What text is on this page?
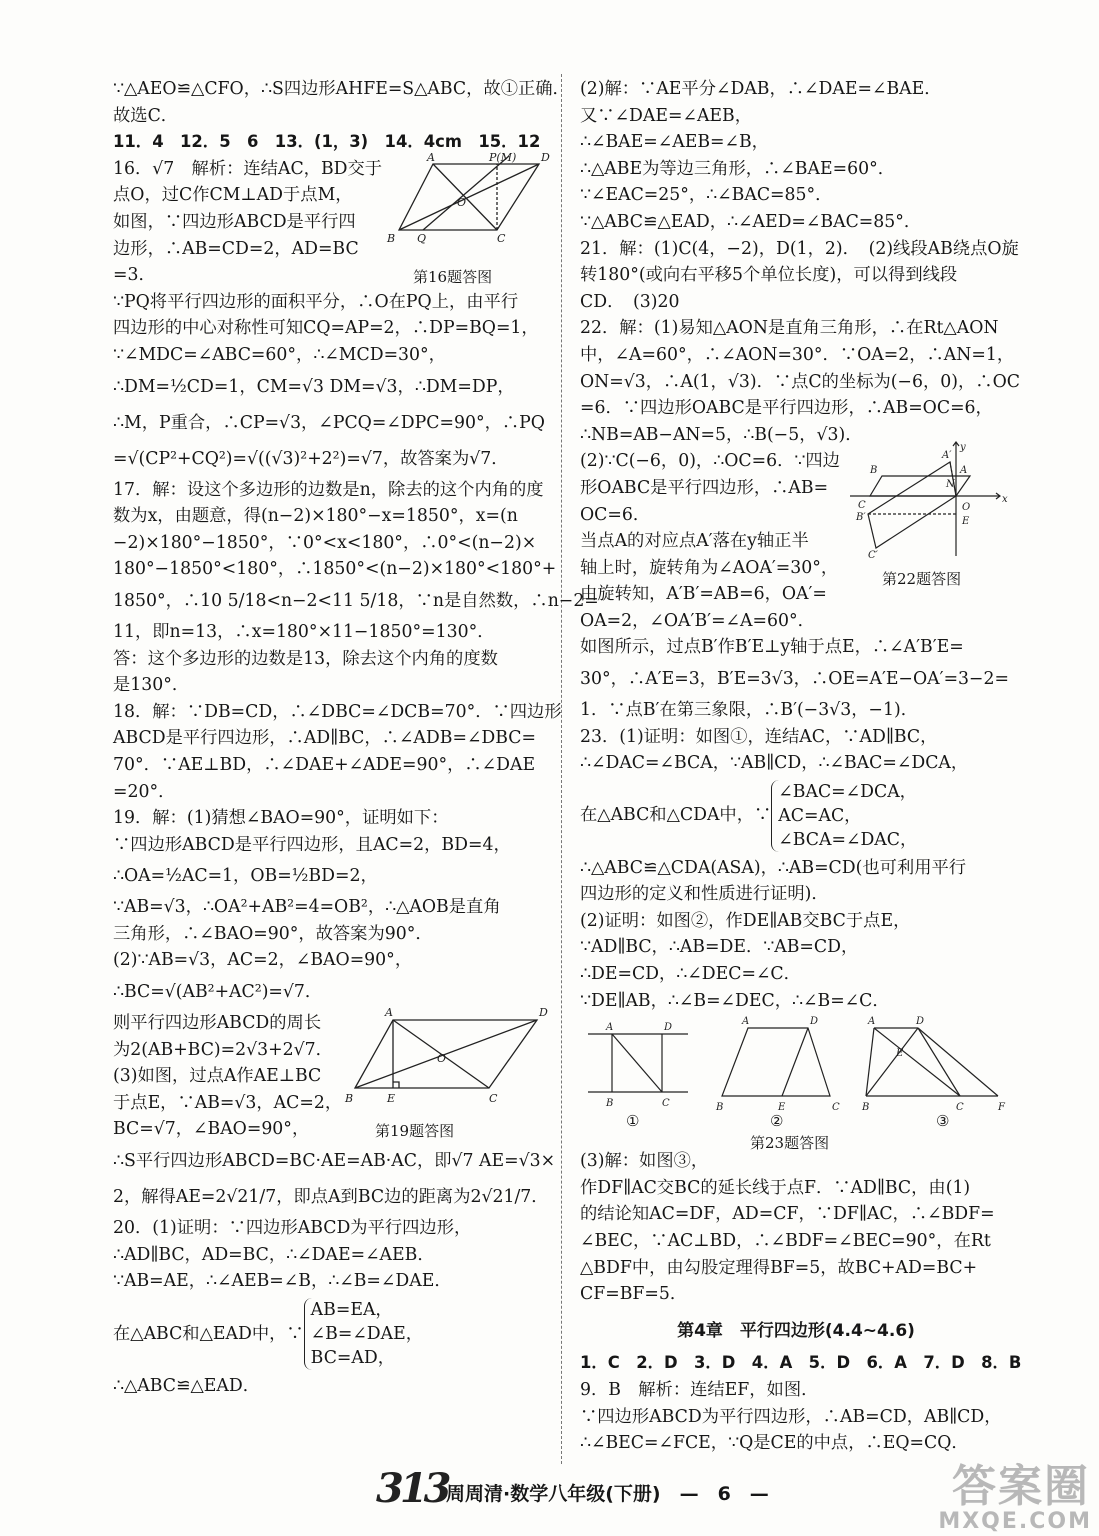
∵△AEO≌△CFO，∴S四边形AHFE=S△ABC，故①正确．
故选C．
11．4　12．5　6　13．(1，3)　14．4cm　15．12
16．√7　解析：连结AC，BD交于
点O，过C作CM⊥AD于点M，
如图，∵四边形ABCD是平行四
边形，∴AB=CD=2，AD=BC
=3．
A	P(M) D
B Q	C
O
第16题答图
∵PQ将平行四边形的面积平分，∴O在PQ上，由平行
四边形的中心对称性可知CQ=AP=2，∴DP=BQ=1，
∵∠MDC=∠ABC=60°，∴∠MCD=30°，
∴DM=½CD=1，CM=√3 DM=√3，∴DM=DP，
∴M，P重合，∴CP=√3，∠PCQ=∠DPC=90°，∴PQ
=√(CP²+CQ²)=√((√3)²+2²)=√7，故答案为√7．
17．解：设这个多边形的边数是n，除去的这个内角的度
数为x，由题意，得(n−2)×180°−x=1850°，x=(n
−2)×180°−1850°，∵0°<x<180°，∴0°<(n−2)×
180°−1850°<180°，∴1850°<(n−2)×180°<180°+
1850°，∴10 5/18<n−2<11 5/18，∵n是自然数，∴n−2=
11，即n=13，∴x=180°×11−1850°=130°．
答：这个多边形的边数是13，除去这个内角的度数
是130°．
18．解：∵DB=CD，∴∠DBC=∠DCB=70°．∵四边形
ABCD是平行四边形，∴AD∥BC，∴∠ADB=∠DBC=
70°．∵AE⊥BD，∴∠DAE+∠ADE=90°，∴∠DAE
=20°．
19．解：(1)猜想∠BAO=90°，证明如下：
∵四边形ABCD是平行四边形，且AC=2，BD=4，
∴OA=½AC=1，OB=½BD=2，
∵AB=√3，∴OA²+AB²=4=OB²，∴△AOB是直角
三角形，∴∠BAO=90°，故答案为90°．
(2)∵AB=√3，AC=2，∠BAO=90°，
∴BC=√(AB²+AC²)=√7．
则平行四边形ABCD的周长
为2(AB+BC)=2√3+2√7．
(3)如图，过点A作AE⊥BC
于点E，∵AB=√3，AC=2，
BC=√7，∠BAO=90°，
A	D
B	E	C
O
第19题答图
∴S平行四边形ABCD=BC·AE=AB·AC，即√7 AE=√3×
2，解得AE=2√21/7，即点A到BC边的距离为2√21/7．
20．(1)证明：∵四边形ABCD为平行四边形，
∴AD∥BC，AD=BC，∴∠DAE=∠AEB．
∵AB=AE，∴∠AEB=∠B，∴∠B=∠DAE．
在△ABC和△EAD中，∵
AB=EA，
∠B=∠DAE，
BC=AD，
∴△ABC≌△EAD．
(2)解：∵AE平分∠DAB，∴∠DAE=∠BAE．
又∵∠DAE=∠AEB，
∴∠BAE=∠AEB=∠B，
∴△ABE为等边三角形，∴∠BAE=60°．
∵∠EAC=25°，∴∠BAC=85°．
∵△ABC≌△EAD，∴∠AED=∠BAC=85°．
21．解：(1)C(4，−2)，D(1，2)．　(2)线段AB绕点O旋
转180°(或向右平移5个单位长度)，可以得到线段
CD．　(3)20
22．解：(1)易知△AON是直角三角形，∴在Rt△AON
中，∠A=60°，∴∠AON=30°．∵OA=2，∴AN=1，
ON=√3，∴A(1，√3)．∵点C的坐标为(−6，0)，∴OC
=6．∵四边形OABC是平行四边形，∴AB=OC=6，
∴NB=AB−AN=5，∴B(−5，√3)．
(2)∵C(−6，0)，∴OC=6．∵四边
形OABC是平行四边形，∴AB=
OC=6．
当点A的对应点A′落在y轴正半
轴上时，旋转角为∠AOA′=30°，
由旋转知，A′B′=AB=6，OA′=
OA=2，∠OA′B′=∠A=60°．
B
A′
A
N
O
E
x
y
C
B′
C′
第22题答图
如图所示，过点B′作B′E⊥y轴于点E，∴∠A′B′E=
30°，∴A′E=3，B′E=3√3，∴OE=A′E−OA′=3−2=
1．∵点B′在第三象限，∴B′(−3√3，−1)．
23．(1)证明：如图①，连结AC，∵AD∥BC，
∴∠DAC=∠BCA，∵AB∥CD，∴∠BAC=∠DCA，
在△ABC和△CDA中，∵
∠BAC=∠DCA，
AC=AC，
∠BCA=∠DAC，
∴△ABC≌△CDA(ASA)，∴AB=CD(也可利用平行
四边形的定义和性质进行证明)．
(2)证明：如图②，作DE∥AB交BC于点E，
∵AD∥BC，∴AB=DE．∵AB=CD，
∴DE=CD，∴∠DEC=∠C．
∵DE∥AB，∴∠B=∠DEC，∴∠B=∠C．
A	D
B	C
A	D
B	E	C
A	D
E
B	C	F
①	②	③
第23题答图
(3)解：如图③，
作DF∥AC交BC的延长线于点F．∵AD∥BC，由(1)
的结论知AC=DF，AD=CF，∵DF∥AC，∴∠BDF=
∠BEC，∵AC⊥BD，∴∠BDF=∠BEC=90°，在Rt
△BDF中，由勾股定理得BF=5，故BC+AD=BC+
CF=BF=5．
第4章　平行四边形(4.4~4.6)
1．C　2．D　3．D　4．A　5．D　6．A　7．D　8．B
9．B　解析：连结EF，如图．
∵四边形ABCD为平行四边形，∴AB=CD，AB∥CD，
∴∠BEC=∠FCE，∵Q是CE的中点，∴EQ=CQ．
313
周周清·数学八年级(下册)　—　6　—	答案圈
MXQE.COM
